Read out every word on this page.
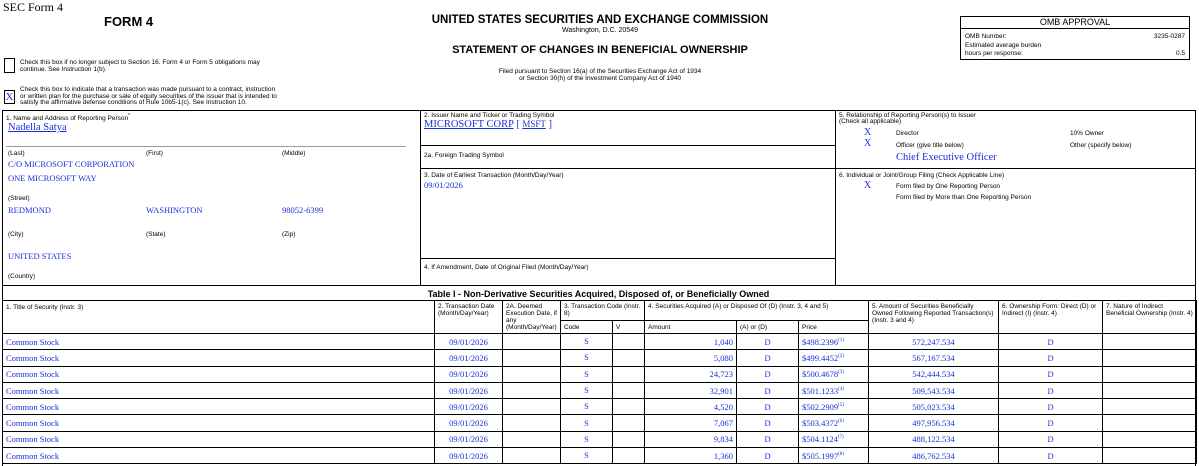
SEC Form 4
FORM 4	UNITED STATES SECURITIES AND EXCHANGE COMMISSION
Washington, D.C. 20549
STATEMENT OF CHANGES IN BENEFICIAL OWNERSHIP
Filed pursuant to Section 16(a) of the Securities Exchange Act of 1934
or Section 30(h) of the Investment Company Act of 1940
OMB APPROVAL
OMB Number:	3235-0287
Estimated average burden
hours per response:	0.5
Check this box if no longer subject to Section 16. Form 4 or Form 5 obligations may
continue. See Instruction 1(b).
X
Check this box to indicate that a transaction was made pursuant to a contract, instruction
or written plan for the purchase or sale of equity securities of the issuer that is intended to
satisfy the affirmative defense conditions of Rule 10b5-1(c). See Instruction 10.
1. Name and Address of Reporting Person*
Nadella Satya
(Last)	(First)	(Middle)
C/O MICROSOFT CORPORATION
ONE MICROSOFT WAY
(Street)
REDMOND	WASHINGTON	98052-6399
(City)	(State)	(Zip)
UNITED STATES
(Country)
2. Issuer Name and Ticker or Trading Symbol
MICROSOFT CORP [ MSFT ]
2a. Foreign Trading Symbol
3. Date of Earliest Transaction (Month/Day/Year)
09/01/2026
4. If Amendment, Date of Original Filed (Month/Day/Year)
5. Relationship of Reporting Person(s) to Issuer
(Check all applicable)
X	Director	10% Owner
X	Officer (give title below)	Other (specify below)
Chief Executive Officer
6. Individual or Joint/Group Filing (Check Applicable Line)
X	Form filed by One Reporting Person
Form filed by More than One Reporting Person
Table I - Non-Derivative Securities Acquired, Disposed of, or Beneficially Owned
1. Title of Security (Instr. 3)	2. Transaction Date (Month/Day/Year)	2A. Deemed Execution Date, if any (Month/Day/Year)	3. Transaction Code (Instr. 8)		4. Securities Acquired (A) or Disposed Of (D) (Instr. 3, 4 and 5)			5. Amount of Securities Beneficially Owned Following Reported Transaction(s) (Instr. 3 and 4)	6. Ownership Form: Direct (D) or Indirect (I) (Instr. 4)	7. Nature of Indirect Beneficial Ownership (Instr. 4)
			Code	V	Amount	(A) or (D)	Price			
Common Stock	09/01/2026		S		1,040	D	$498.2396$^{(1)}$	572,247.534	D	
Common Stock	09/01/2026		S		5,080	D	$499.4452$^{(2)}$	567,167.534	D	
Common Stock	09/01/2026		S		24,723	D	$500.4678$^{(3)}$	542,444.534	D	
Common Stock	09/01/2026		S		32,901	D	$501.1233$^{(4)}$	509,543.534	D	
Common Stock	09/01/2026		S		4,520	D	$502.2909$^{(5)}$	505,023.534	D	
Common Stock	09/01/2026		S		7,067	D	$503.4372$^{(6)}$	497,956.534	D	
Common Stock	09/01/2026		S		9,834	D	$504.1124$^{(7)}$	488,122.534	D	
Common Stock	09/01/2026		S		1,360	D	$505.1997$^{(8)}$	486,762.534	D	
